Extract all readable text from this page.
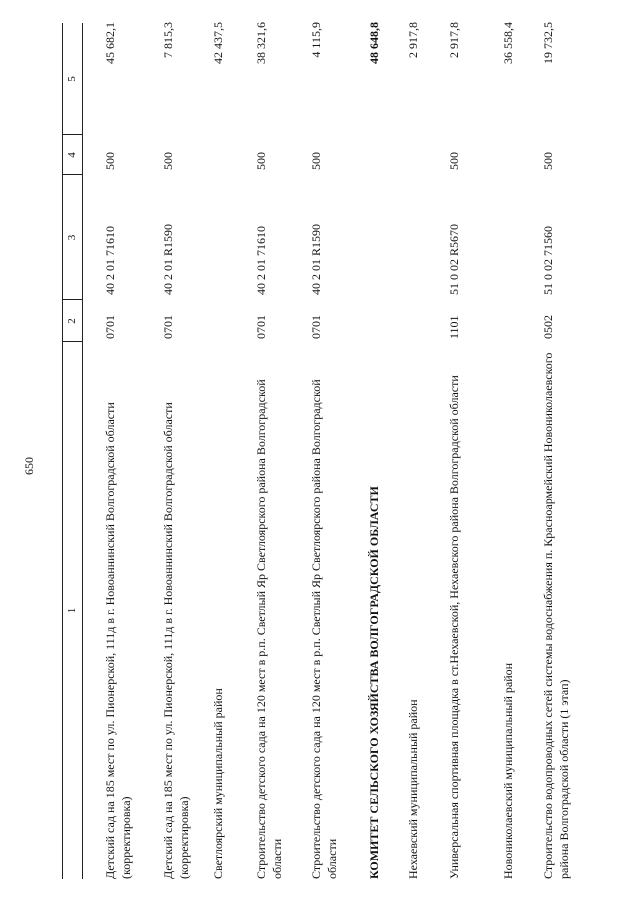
650
1
2
3
4
5
Детский сад на 185 мест по ул. Пионерской, 111д в г. Новоаннинский Волгоградской области (корректировка)
0701
40 2 01 71610
500
45 682,1
Детский сад на 185 мест по ул. Пионерской, 111д в г. Новоаннинский Волгоградской области (корректировка)
0701
40 2 01 R1590
500
7 815,3
Светлоярский муниципальный район
42 437,5
Строительство детского сада на 120 мест в р.п. Светлый Яр Светлоярского района Волгоградской области
0701
40 2 01 71610
500
38 321,6
Строительство детского сада на 120 мест в р.п. Светлый Яр Светлоярского района Волгоградской области
0701
40 2 01 R1590
500
4 115,9
КОМИТЕТ СЕЛЬСКОГО ХОЗЯЙСТВА ВОЛГОГРАДСКОЙ ОБЛАСТИ
48 648,8
Нехаевский муниципальный район
2 917,8
Универсальная спортивная площадка в ст.Нехаевской, Нехаевского района Волгоградской области
1101
51 0 02 R5670
500
2 917,8
Новониколаевский муниципальный район
36 558,4
Строительство водопроводных сетей системы водоснабжения п. Красноармейский Новониколаевского района Волгоградской области (1 этап)
0502
51 0 02 71560
500
19 732,5
